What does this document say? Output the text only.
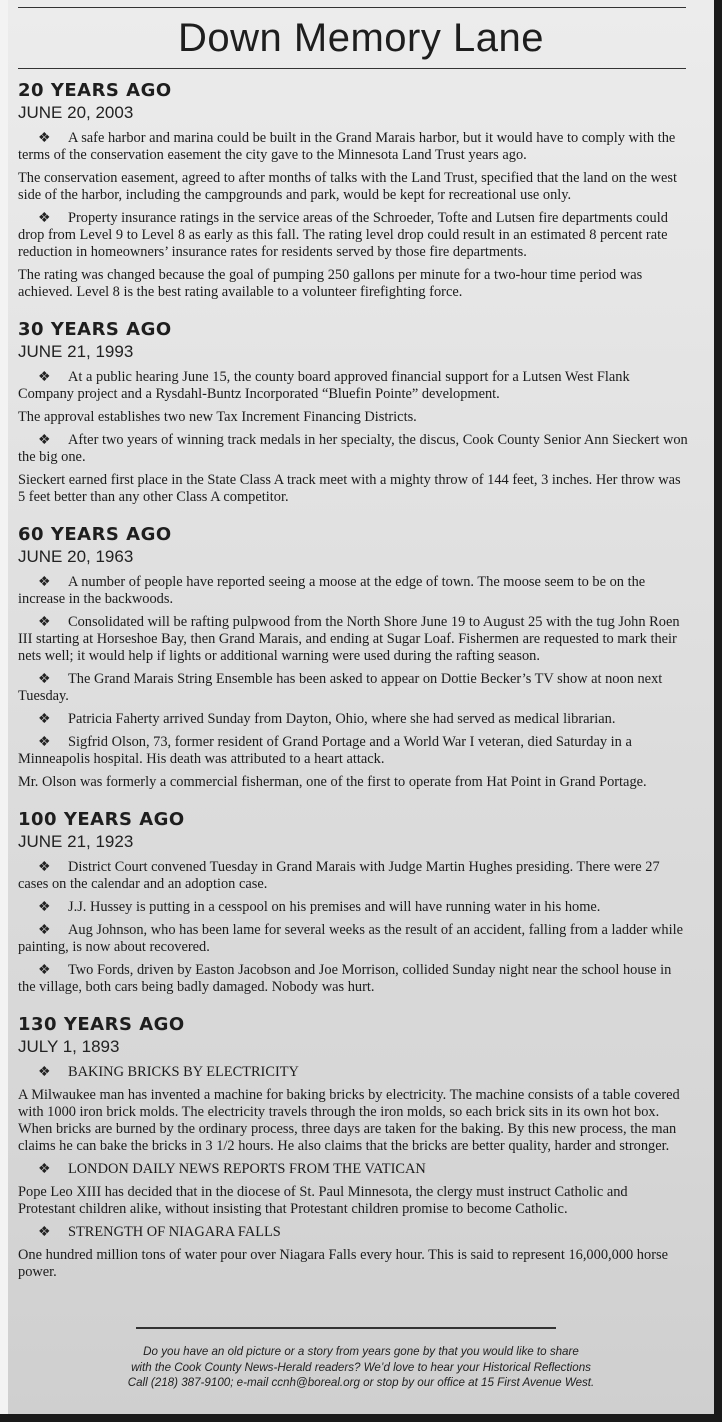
Down Memory Lane
20 YEARS AGO
JUNE 20, 2003

❖ A safe harbor and marina could be built in the Grand Marais harbor, but it would have to comply with the terms of the conservation easement the city gave to the Minnesota Land Trust years ago.

The conservation easement, agreed to after months of talks with the Land Trust, specified that the land on the west side of the harbor, including the campgrounds and park, would be kept for recreational use only.

❖ Property insurance ratings in the service areas of the Schroeder, Tofte and Lutsen fire departments could drop from Level 9 to Level 8 as early as this fall. The rating level drop could result in an estimated 8 percent rate reduction in homeowners’ insurance rates for residents served by those fire departments.

The rating was changed because the goal of pumping 250 gallons per minute for a two-hour time period was achieved. Level 8 is the best rating available to a volunteer firefighting force.

30 YEARS AGO
JUNE 21, 1993

❖ At a public hearing June 15, the county board approved financial support for a Lutsen West Flank Company project and a Rysdahl-Buntz Incorporated “Bluefin Pointe” development.

The approval establishes two new Tax Increment Financing Districts.

❖ After two years of winning track medals in her specialty, the discus, Cook County Senior Ann Sieckert won the big one.

Sieckert earned first place in the State Class A track meet with a mighty throw of 144 feet, 3 inches. Her throw was 5 feet better than any other Class A competitor.

60 YEARS AGO
JUNE 20, 1963

❖ A number of people have reported seeing a moose at the edge of town. The moose seem to be on the increase in the backwoods.

❖ Consolidated will be rafting pulpwood from the North Shore June 19 to August 25 with the tug John Roen III starting at Horseshoe Bay, then Grand Marais, and ending at Sugar Loaf. Fishermen are requested to mark their nets well; it would help if lights or additional warning were used during the rafting season.

❖ The Grand Marais String Ensemble has been asked to appear on Dottie Becker’s TV show at noon next Tuesday.

❖ Patricia Faherty arrived Sunday from Dayton, Ohio, where she had served as medical librarian.

❖ Sigfrid Olson, 73, former resident of Grand Portage and a World War I veteran, died Saturday in a Minneapolis hospital. His death was attributed to a heart attack.

Mr. Olson was formerly a commercial fisherman, one of the first to operate from Hat Point in Grand Portage.

100 YEARS AGO
JUNE 21, 1923

❖ District Court convened Tuesday in Grand Marais with Judge Martin Hughes presiding. There were 27 cases on the calendar and an adoption case.

❖ J.J. Hussey is putting in a cesspool on his premises and will have running water in his home.

❖ Aug Johnson, who has been lame for several weeks as the result of an accident, falling from a ladder while painting, is now about recovered.

❖ Two Fords, driven by Easton Jacobson and Joe Morrison, collided Sunday night near the school house in the village, both cars being badly damaged. Nobody was hurt.

130 YEARS AGO
JULY 1, 1893

❖ BAKING BRICKS BY ELECTRICITY

A Milwaukee man has invented a machine for baking bricks by electricity. The machine consists of a table covered with 1000 iron brick molds. The electricity travels through the iron molds, so each brick sits in its own hot box. When bricks are burned by the ordinary process, three days are taken for the baking. By this new process, the man claims he can bake the bricks in 3 1/2 hours. He also claims that the bricks are better quality, harder and stronger.

❖ LONDON DAILY NEWS REPORTS FROM THE VATICAN

Pope Leo XIII has decided that in the diocese of St. Paul Minnesota, the clergy must instruct Catholic and Protestant children alike, without insisting that Protestant children promise to become Catholic.

❖ STRENGTH OF NIAGARA FALLS

One hundred million tons of water pour over Niagara Falls every hour. This is said to represent 16,000,000 horse power.

Do you have an old picture or a story from years gone by that you would like to share
with the Cook County News-Herald readers? We’d love to hear your Historical Reflections
Call (218) 387-9100; e-mail ccnh@boreal.org or stop by our office at 15 First Avenue West.
